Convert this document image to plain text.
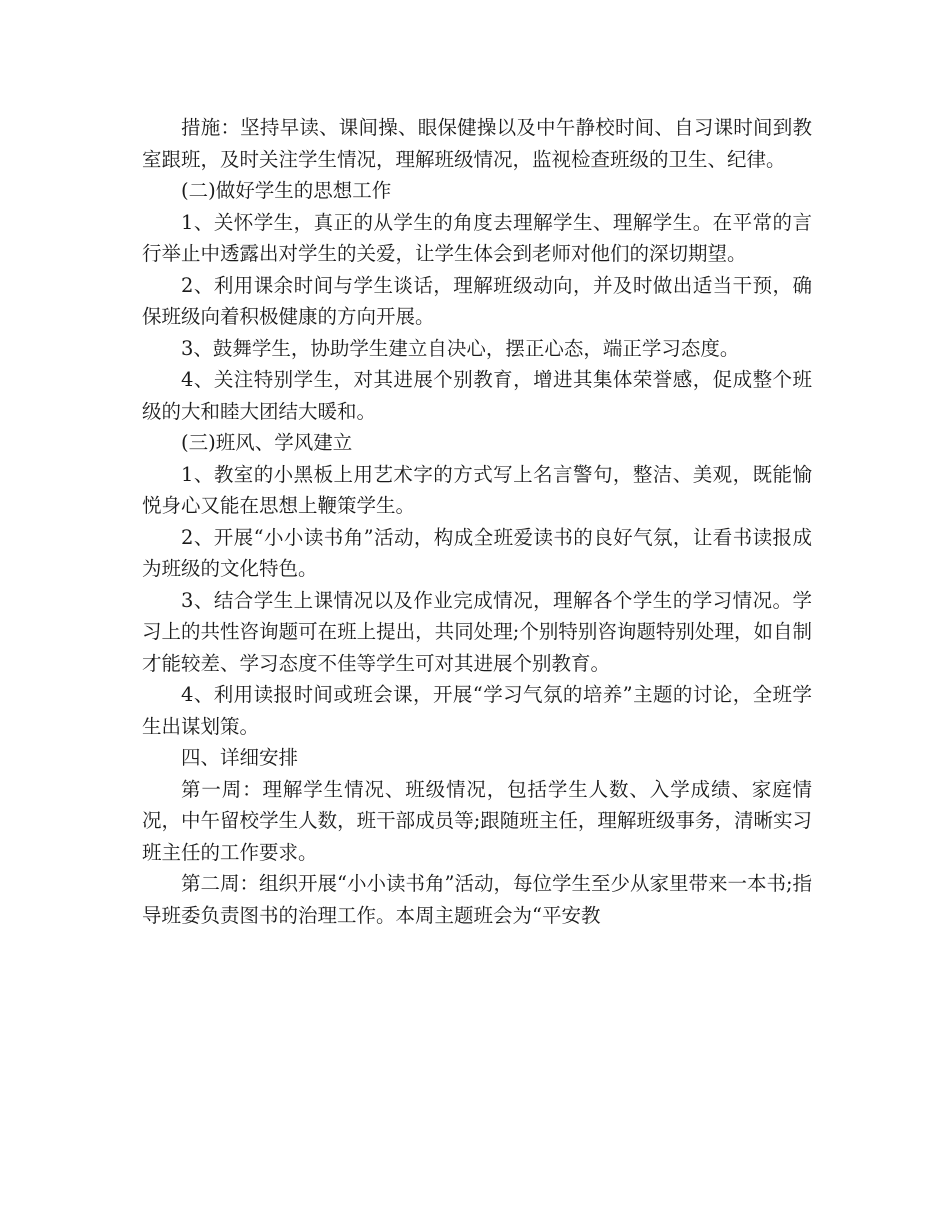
措施：坚持早读、课间操、眼保健操以及中午静校时间、自习课时间到教室跟班，及时关注学生情况，理解班级情况，监视检查班级的卫生、纪律。

(二)做好学生的思想工作

1、关怀学生，真正的从学生的角度去理解学生、理解学生。在平常的言行举止中透露出对学生的关爱，让学生体会到老师对他们的深切期望。

2、利用课余时间与学生谈话，理解班级动向，并及时做出适当干预，确保班级向着积极健康的方向开展。

3、鼓舞学生，协助学生建立自决心，摆正心态，端正学习态度。

4、关注特别学生，对其进展个别教育，增进其集体荣誉感，促成整个班级的大和睦大团结大暖和。

(三)班风、学风建立

1、教室的小黑板上用艺术字的方式写上名言警句，整洁、美观，既能愉悦身心又能在思想上鞭策学生。

2、开展“小小读书角”活动，构成全班爱读书的良好气氛，让看书读报成为班级的文化特色。

3、结合学生上课情况以及作业完成情况，理解各个学生的学习情况。学习上的共性咨询题可在班上提出，共同处理;个别特别咨询题特别处理，如自制才能较差、学习态度不佳等学生可对其进展个别教育。

4、利用读报时间或班会课，开展“学习气氛的培养”主题的讨论，全班学生出谋划策。

四、详细安排

第一周：理解学生情况、班级情况，包括学生人数、入学成绩、家庭情况，中午留校学生人数，班干部成员等;跟随班主任，理解班级事务，清晰实习班主任的工作要求。

第二周：组织开展“小小读书角”活动，每位学生至少从家里带来一本书;指导班委负责图书的治理工作。本周主题班会为“平安教
